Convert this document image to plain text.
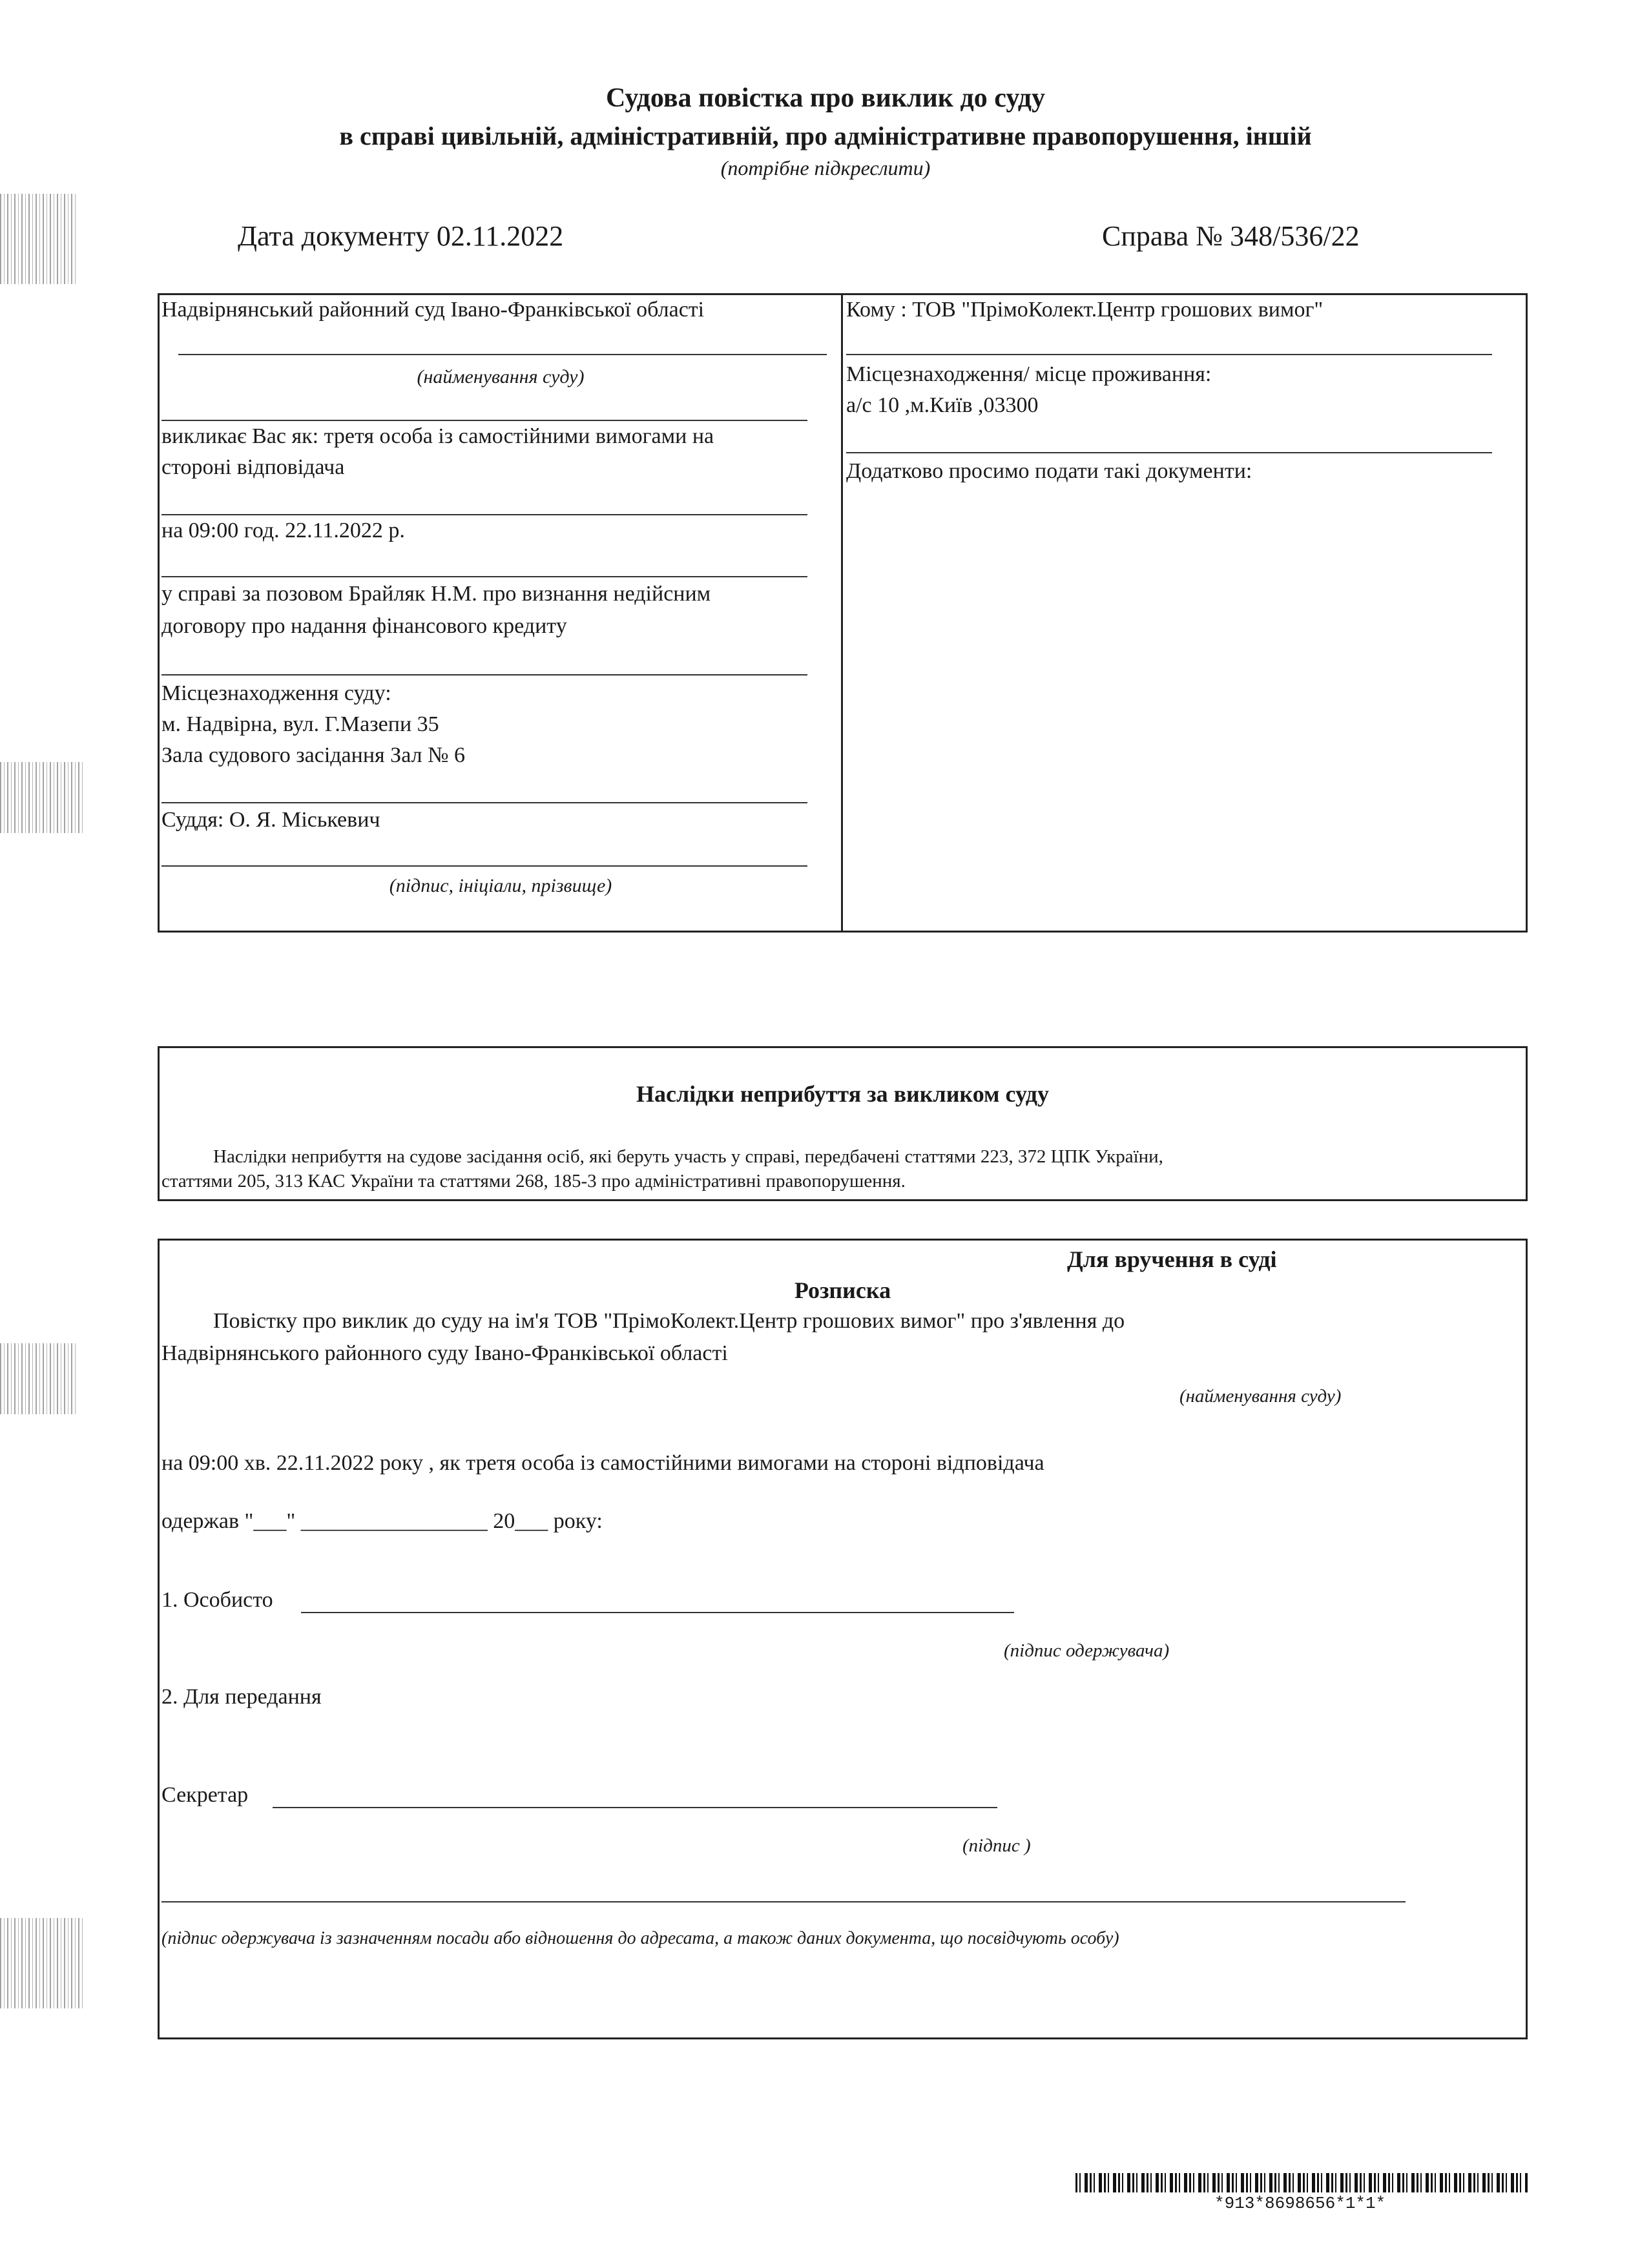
Судова повістка про виклик до суду
в справі цивільній, адміністративній, про адміністративне правопорушення, іншій
(потрібне підкреслити)
Дата документу 02.11.2022	Справа № 348/536/22
Надвірнянський районний суд Івано-Франківської області
(найменування суду)
викликає Вас як: третя особа із самостійними вимогами на
стороні відповідача
на 09:00 год. 22.11.2022 р.
у справі за позовом Брайляк Н.М. про визнання недійсним
договору про надання фінансового кредиту
Місцезнаходження суду:
м. Надвірна, вул. Г.Мазепи 35
Зала судового засідання Зал № 6
Суддя: О. Я. Міськевич
(підпис, ініціали, прізвище)
Кому : ТОВ "ПрімоКолект.Центр грошових вимог"
Місцезнаходження/ місце проживання:
а/с 10 ,м.Київ ,03300
Додатково просимо подати такі документи:
Наслідки неприбуття за викликом суду
Наслідки неприбуття на судове засідання осіб, які беруть участь у справі, передбачені статтями 223, 372 ЦПК України,
статтями 205, 313 КАС України та статтями 268, 185-3 про адміністративні правопорушення.
Для вручення в суді
Розписка
Повістку про виклик до суду на ім'я ТОВ "ПрімоКолект.Центр грошових вимог" про з'явлення до
Надвірнянського районного суду Івано-Франківської області
(найменування суду)
на 09:00 хв. 22.11.2022 року , як третя особа із самостійними вимогами на стороні відповідача
одержав "___" _________________ 20___ року:
1. Особисто
(підпис одержувача)
2. Для передання
Секретар
(підпис )
(підпис одержувача із зазначенням посади або відношення до адресата, а також даних документа, що посвідчують особу)
*913*8698656*1*1*
